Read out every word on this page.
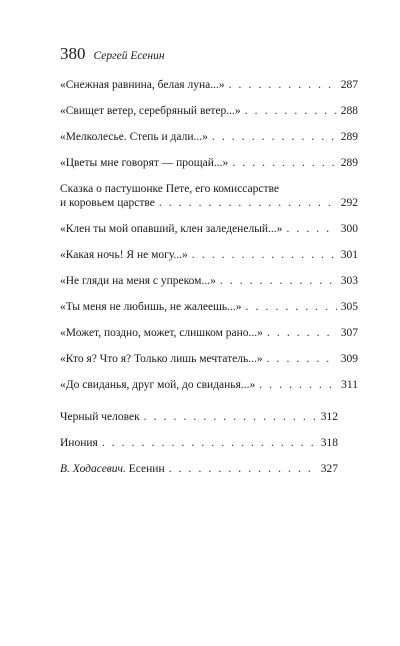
380 Сергей Есенин
«Снежная равнина, белая луна...» . . .	287
«Свищет ветер, серебряный ветер...» . . .	288
«Мелколесье. Степь и дали...» . . .	289
«Цветы мне говорят — прощай...» . . .	289
Сказка о пастушонке Пете, его комиссарстве
и коровьем царстве . . .	292
«Клен ты мой опавший, клен заледенелый...» . . .	300
«Какая ночь! Я не могу...» . . .	301
«Не гляди на меня с упреком...» . . .	303
«Ты меня не любишь, не жалеешь...» . . .	305
«Может, поздно, может, слишком рано...» . . .	307
«Кто я? Что я? Только лишь мечтатель...» . . .	309
«До свиданья, друг мой, до свиданья...» . . .	311
Черный человек . . .	312
Инония . . .	318
В. Ходасевич. Есенин . . .	327
